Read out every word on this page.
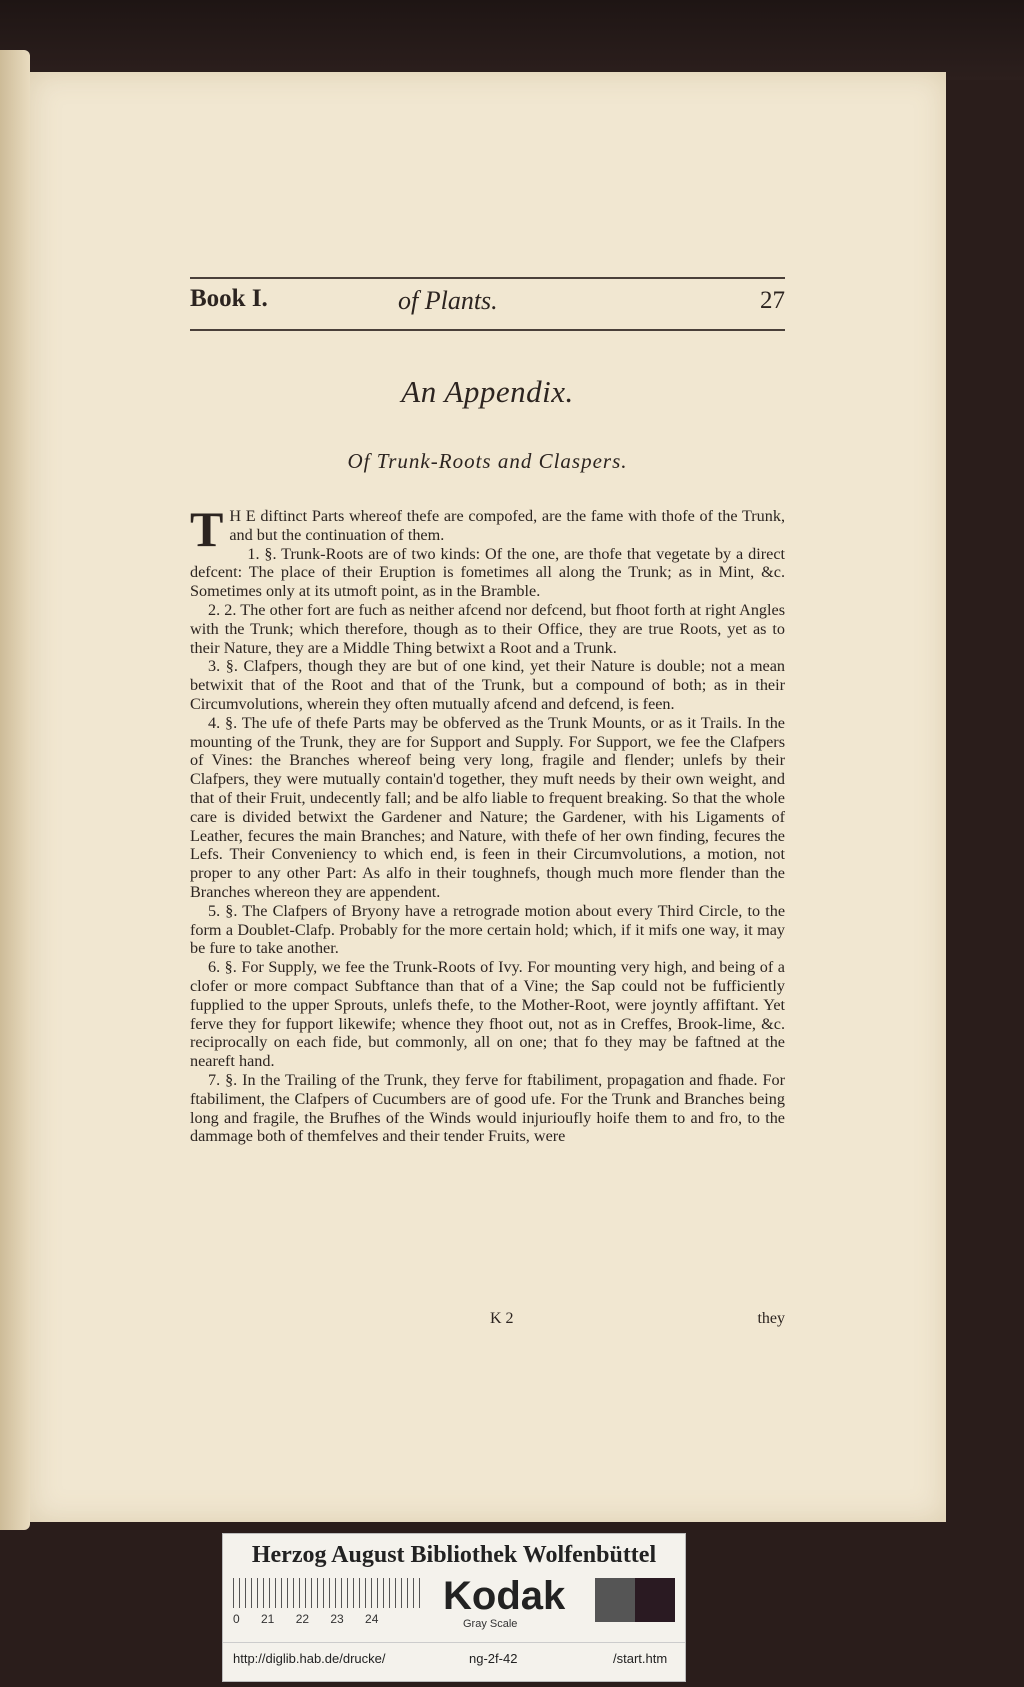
Book I.	of Plants.	27
An Appendix.
Of Trunk-Roots and Claspers.

T H E diftinct Parts whereof thefe are compofed, are the fame with thofe of the Trunk, and but the continuation of them.

1. §. Trunk-Roots are of two kinds: Of the one, are thofe that vegetate by a direct defcent: The place of their Eruption is fometimes all along the Trunk; as in Mint, &c. Sometimes only at its utmoft point, as in the Bramble.

2. 2. The other fort are fuch as neither afcend nor defcend, but fhoot forth at right Angles with the Trunk; which therefore, though as to their Office, they are true Roots, yet as to their Nature, they are a Middle Thing betwixt a Root and a Trunk.

3. §. Clafpers, though they are but of one kind, yet their Nature is double; not a mean betwixit that of the Root and that of the Trunk, but a compound of both; as in their Circumvolutions, wherein they often mutually afcend and defcend, is feen.

4. §. The ufe of thefe Parts may be obferved as the Trunk Mounts, or as it Trails. In the mounting of the Trunk, they are for Support and Supply. For Support, we fee the Clafpers of Vines: the Branches whereof being very long, fragile and flender; unlefs by their Clafpers, they were mutually contain'd together, they muft needs by their own weight, and that of their Fruit, undecently fall; and be alfo liable to frequent breaking. So that the whole care is divided betwixt the Gardener and Nature; the Gardener, with his Ligaments of Leather, fecures the main Branches; and Nature, with thefe of her own finding, fecures the Lefs. Their Conveniency to which end, is feen in their Circumvolutions, a motion, not proper to any other Part: As alfo in their toughnefs, though much more flender than the Branches whereon they are appendent.

5. §. The Clafpers of Bryony have a retrograde motion about every Third Circle, to the form a Doublet-Clafp. Probably for the more certain hold; which, if it mifs one way, it may be fure to take another.

6. §. For Supply, we fee the Trunk-Roots of Ivy. For mounting very high, and being of a clofer or more compact Subftance than that of a Vine; the Sap could not be fufficiently fupplied to the upper Sprouts, unlefs thefe, to the Mother-Root, were joyntly affiftant. Yet ferve they for fupport likewife; whence they fhoot out, not as in Creffes, Brook-lime, &c. reciprocally on each fide, but commonly, all on one; that fo they may be faftned at the neareft hand.

7. §. In the Trailing of the Trunk, they ferve for ftabiliment, propagation and fhade. For ftabiliment, the Clafpers of Cucumbers are of good ufe. For the Trunk and Branches being long and fragile, the Brufhes of the Winds would injurioufly hoife them to and fro, to the dammage both of themfelves and their tender Fruits, were

K 2	they
Herzog August Bibliothek Wolfenbüttel
0 21 22 23 24
Kodak
Gray Scale
http://diglib.hab.de/drucke/	ng-2f-42	/start.htm
